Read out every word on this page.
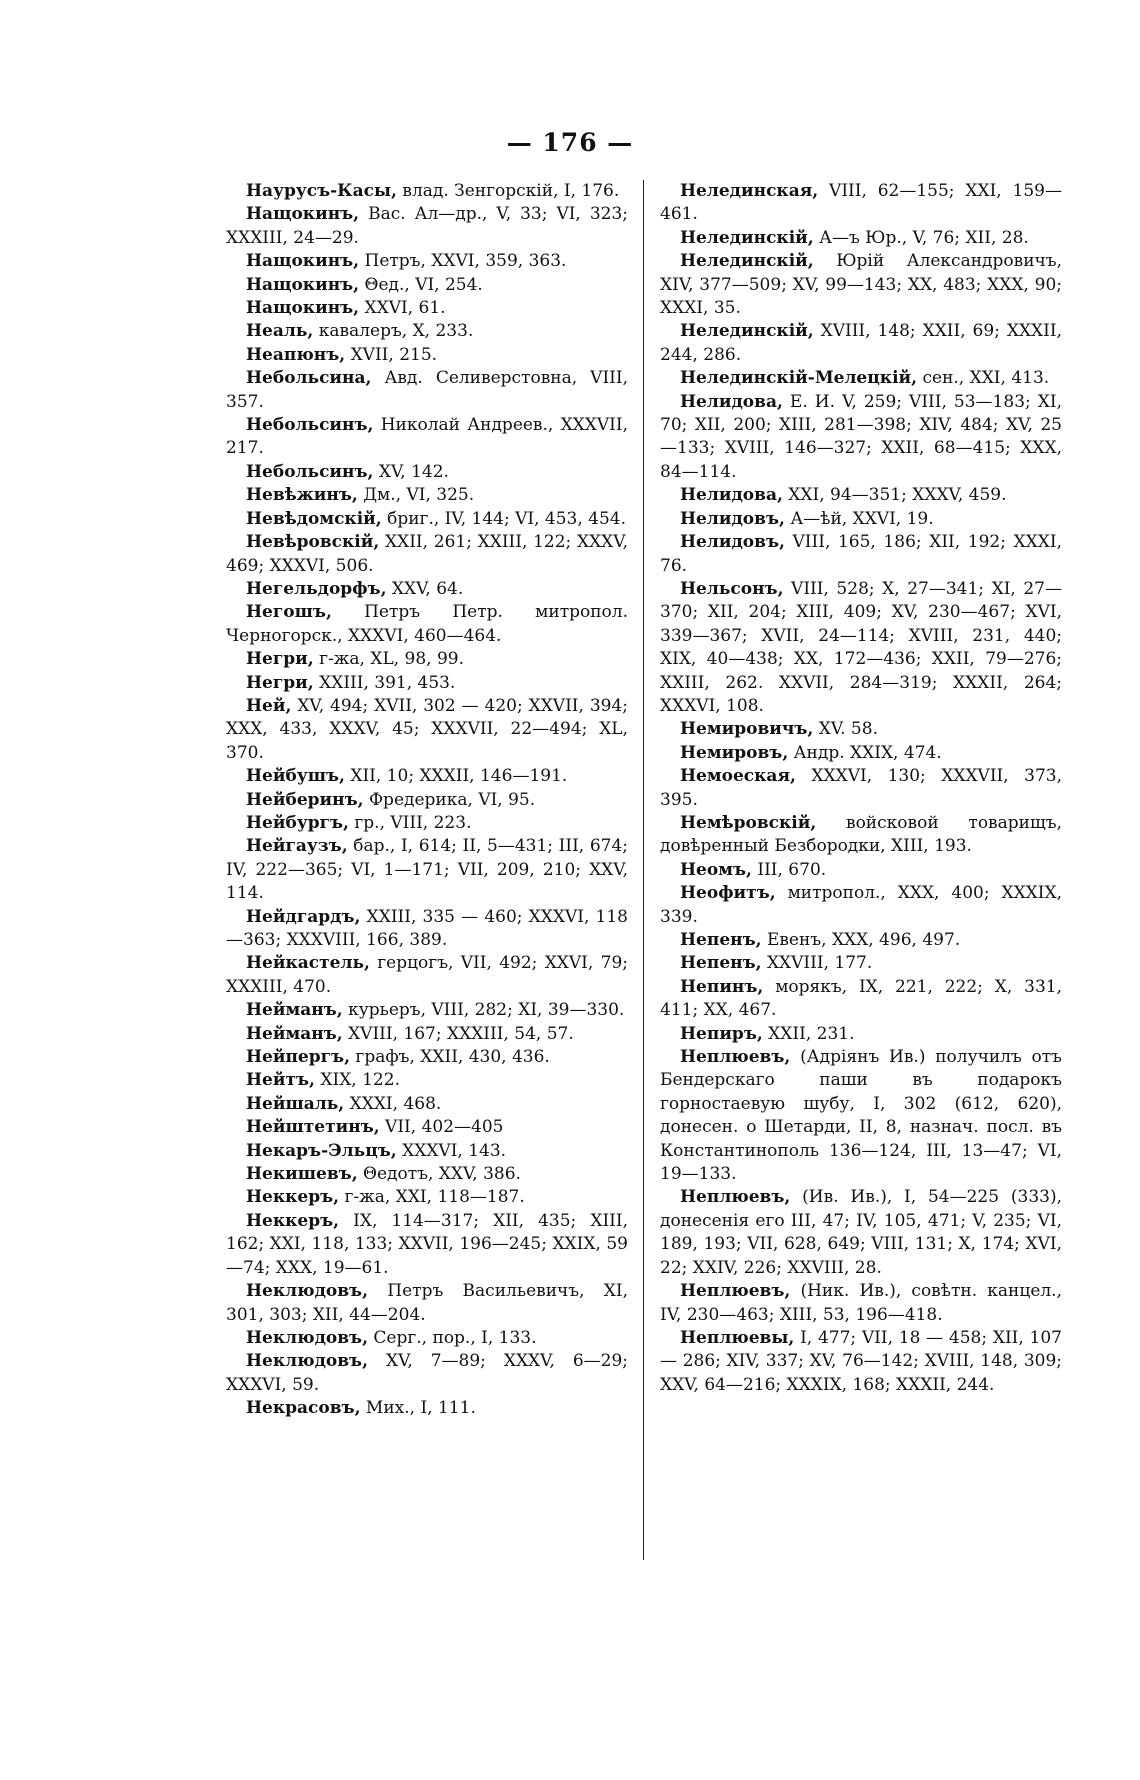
— 176 —

Наурусъ-Касы, влад. Зенгорскій, I, 176.

Нащокинъ, Вас. Ал—др., V, 33; VI, 323; XXXIII, 24—29.

Нащокинъ, Петръ, XXVI, 359, 363.

Нащокинъ, Θед., VI, 254.

Нащокинъ, XXVI, 61.

Неаль, кавалеръ, X, 233.

Неапюнъ, XVII, 215.

Небольсина, Авд. Селиверстовна, VIII, 357.

Небольсинъ, Николай Андреев., XXXVII, 217.

Небольсинъ, XV, 142.

Невѣжинъ, Дм., VI, 325.

Невѣдомскій, бриг., IV, 144; VI, 453, 454.

Невѣровскій, XXII, 261; XXIII, 122; XXXV, 469; XXXVI, 506.

Негельдорфъ, XXV, 64.

Негошъ, Петръ Петр. митропол. Черногорск., XXXVI, 460—464.

Негри, г-жа, XL, 98, 99.

Негри, XXIII, 391, 453.

Ней, XV, 494; XVII, 302 — 420; XXVII, 394; XXX, 433, XXXV, 45; XXXVII, 22—494; XL, 370.

Нейбушъ, XII, 10; XXXII, 146—191.

Нейберинъ, Фредерика, VI, 95.

Нейбургъ, гр., VIII, 223.

Нейгаузъ, бар., I, 614; II, 5—431; III, 674; IV, 222—365; VI, 1—171; VII, 209, 210; XXV, 114.

Нейдгардъ, XXIII, 335 — 460; XXXVI, 118—363; XXXVIII, 166, 389.

Нейкастель, герцогъ, VII, 492; XXVI, 79; XXXIII, 470.

Нейманъ, курьеръ, VIII, 282; XI, 39—330.

Нейманъ, XVIII, 167; XXXIII, 54, 57.

Нейпергъ, графъ, XXII, 430, 436.

Нейтъ, XIX, 122.

Нейшаль, XXXI, 468.

Нейштетинъ, VII, 402—405

Некаръ-Эльцъ, XXXVI, 143.

Некишевъ, Θедотъ, XXV, 386.

Неккеръ, г-жа, XXI, 118—187.

Неккеръ, IX, 114—317; XII, 435; XIII, 162; XXI, 118, 133; XXVII, 196—245; XXIX, 59—74; XXX, 19—61.

Неклюдовъ, Петръ Васильевичъ, XI, 301, 303; XII, 44—204.

Неклюдовъ, Серг., пор., I, 133.

Неклюдовъ, XV, 7—89; XXXV, 6—29; XXXVI, 59.

Некрасовъ, Мих., I, 111.

Нелединская, VIII, 62—155; XXI, 159—461.

Нелединскій, А—ъ Юр., V, 76; XII, 28.

Нелединскій, Юрій Александровичъ, XIV, 377—509; XV, 99—143; XX, 483; XXX, 90; XXXI, 35.

Нелединскій, XVIII, 148; XXII, 69; XXXII, 244, 286.

Нелединскій-Мелецкій, сен., XXI, 413.

Нелидова, Е. И. V, 259; VIII, 53—183; XI, 70; XII, 200; XIII, 281—398; XIV, 484; XV, 25—133; XVIII, 146—327; XXII, 68—415; XXX, 84—114.

Нелидова, XXI, 94—351; XXXV, 459.

Нелидовъ, А—ѣй, XXVI, 19.

Нелидовъ, VIII, 165, 186; XII, 192; XXXI, 76.

Нельсонъ, VIII, 528; X, 27—341; XI, 27—370; XII, 204; XIII, 409; XV, 230—467; XVI, 339—367; XVII, 24—114; XVIII, 231, 440; XIX, 40—438; XX, 172—436; XXII, 79—276; XXIII, 262. XXVII, 284—319; XXXII, 264; XXXVI, 108.

Немировичъ, XV. 58.

Немировъ, Андр. XXIX, 474.

Немоеская, XXXVI, 130; XXXVII, 373, 395.

Немѣровскій, войсковой товарищъ, довѣренный Безбородки, XIII, 193.

Неомъ, III, 670.

Неофитъ, митропол., XXX, 400; XXXIX, 339.

Непенъ, Евенъ, XXX, 496, 497.

Непенъ, XXVIII, 177.

Непинъ, морякъ, IX, 221, 222; X, 331, 411; XX, 467.

Непиръ, XXII, 231.

Неплюевъ, (Адріянъ Ив.) получилъ отъ Бендерскаго паши въ подарокъ горностаевую шубу, I, 302 (612, 620), донесен. о Шетарди, II, 8, назнач. посл. въ Константинополь 136—124, III, 13—47; VI, 19—133.

Неплюевъ, (Ив. Ив.), I, 54—225 (333), донесенія его III, 47; IV, 105, 471; V, 235; VI, 189, 193; VII, 628, 649; VIII, 131; X, 174; XVI, 22; XXIV, 226; XXVIII, 28.

Неплюевъ, (Ник. Ив.), совѣтн. канцел., IV, 230—463; XIII, 53, 196—418.

Неплюевы, I, 477; VII, 18 — 458; XII, 107 — 286; XIV, 337; XV, 76—142; XVIII, 148, 309; XXV, 64—216; XXXIX, 168; XXXII, 244.
